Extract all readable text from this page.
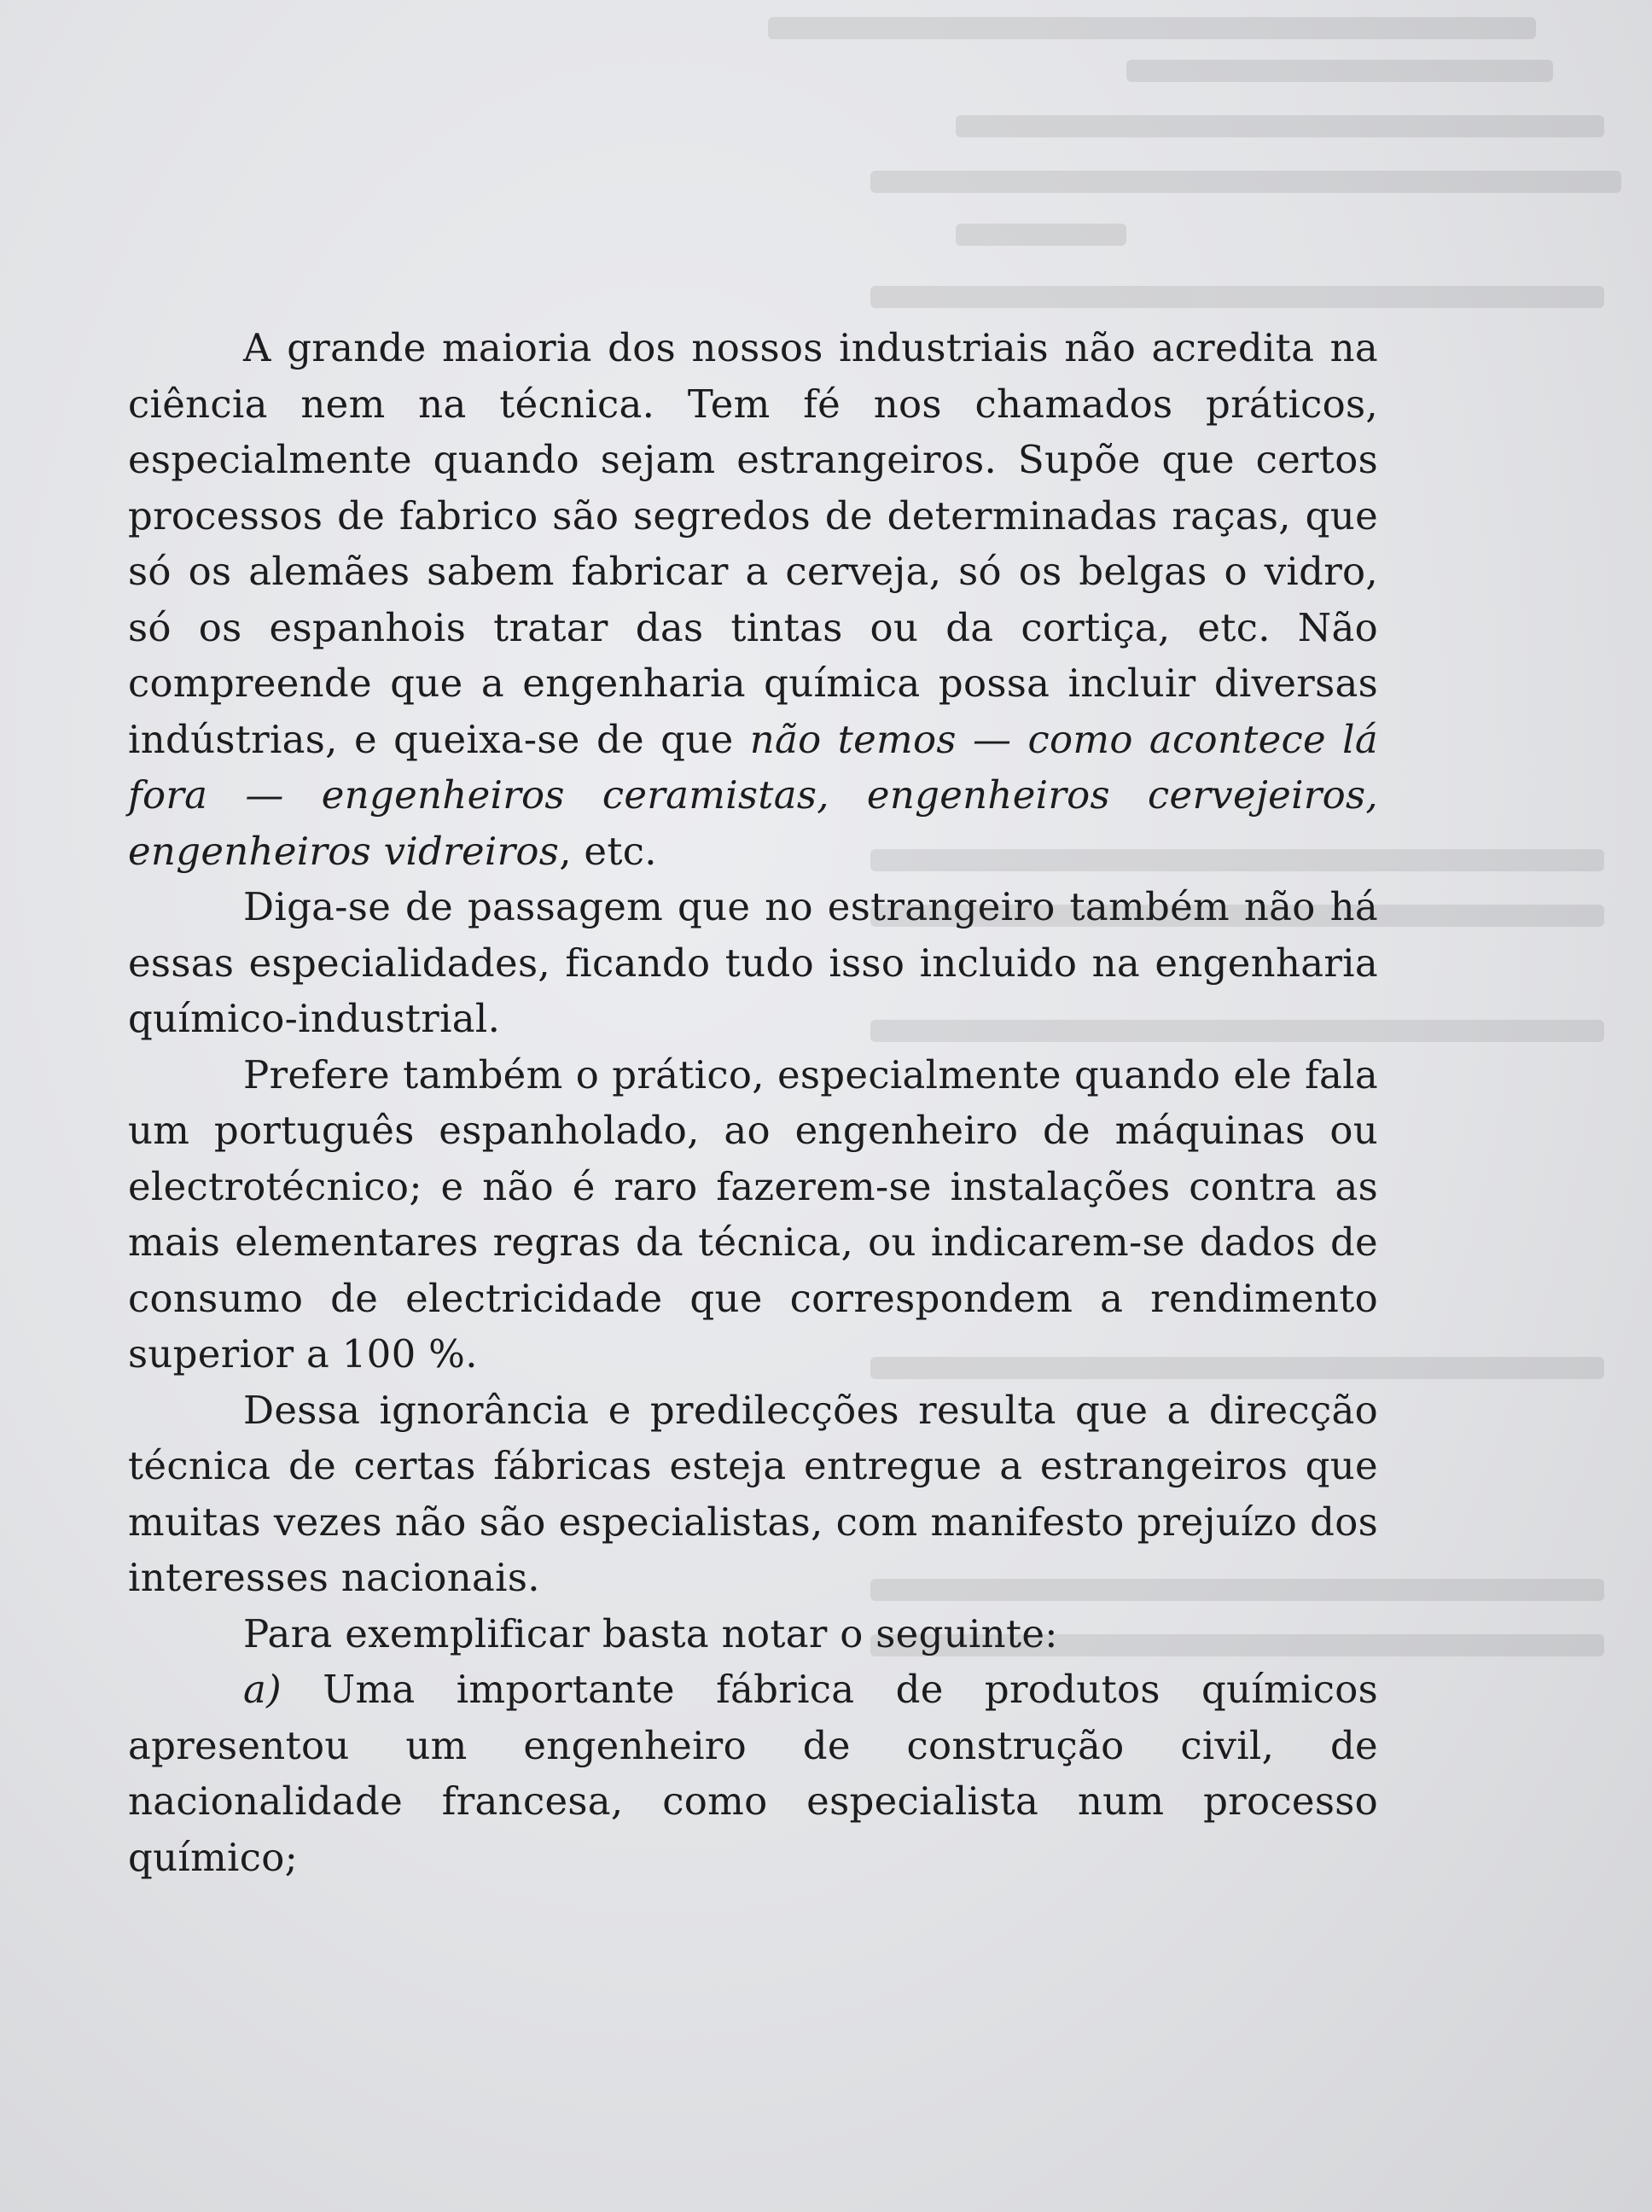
A grande maioria dos nossos industriais não acredita na ciência nem na técnica. Tem fé nos chamados práticos, especialmente quando sejam estrangeiros. Supõe que certos processos de fabrico são segredos de determinadas raças, que só os alemães sabem fabricar a cerveja, só os belgas o vidro, só os espanhois tratar das tintas ou da cortiça, etc. Não compreende que a engenharia química possa incluir diversas indústrias, e queixa-se de que não temos — como acontece lá fora — engenheiros ceramistas, engenheiros cervejeiros, engenheiros vidreiros, etc.

Diga-se de passagem que no estrangeiro também não há essas especialidades, ficando tudo isso incluido na engenharia químico-industrial.

Prefere também o prático, especialmente quando ele fala um português espanholado, ao engenheiro de máquinas ou electrotécnico; e não é raro fazerem-se instalações contra as mais elementares regras da técnica, ou indicarem-se dados de consumo de electricidade que correspondem a rendimento superior a 100 %.

Dessa ignorância e predilecções resulta que a direcção técnica de certas fábricas esteja entregue a estrangeiros que muitas vezes não são especialistas, com manifesto prejuízo dos interesses nacionais.

Para exemplificar basta notar o seguinte:

a) Uma importante fábrica de produtos químicos apresentou um engenheiro de construção civil, de nacionalidade francesa, como especialista num processo químico;
